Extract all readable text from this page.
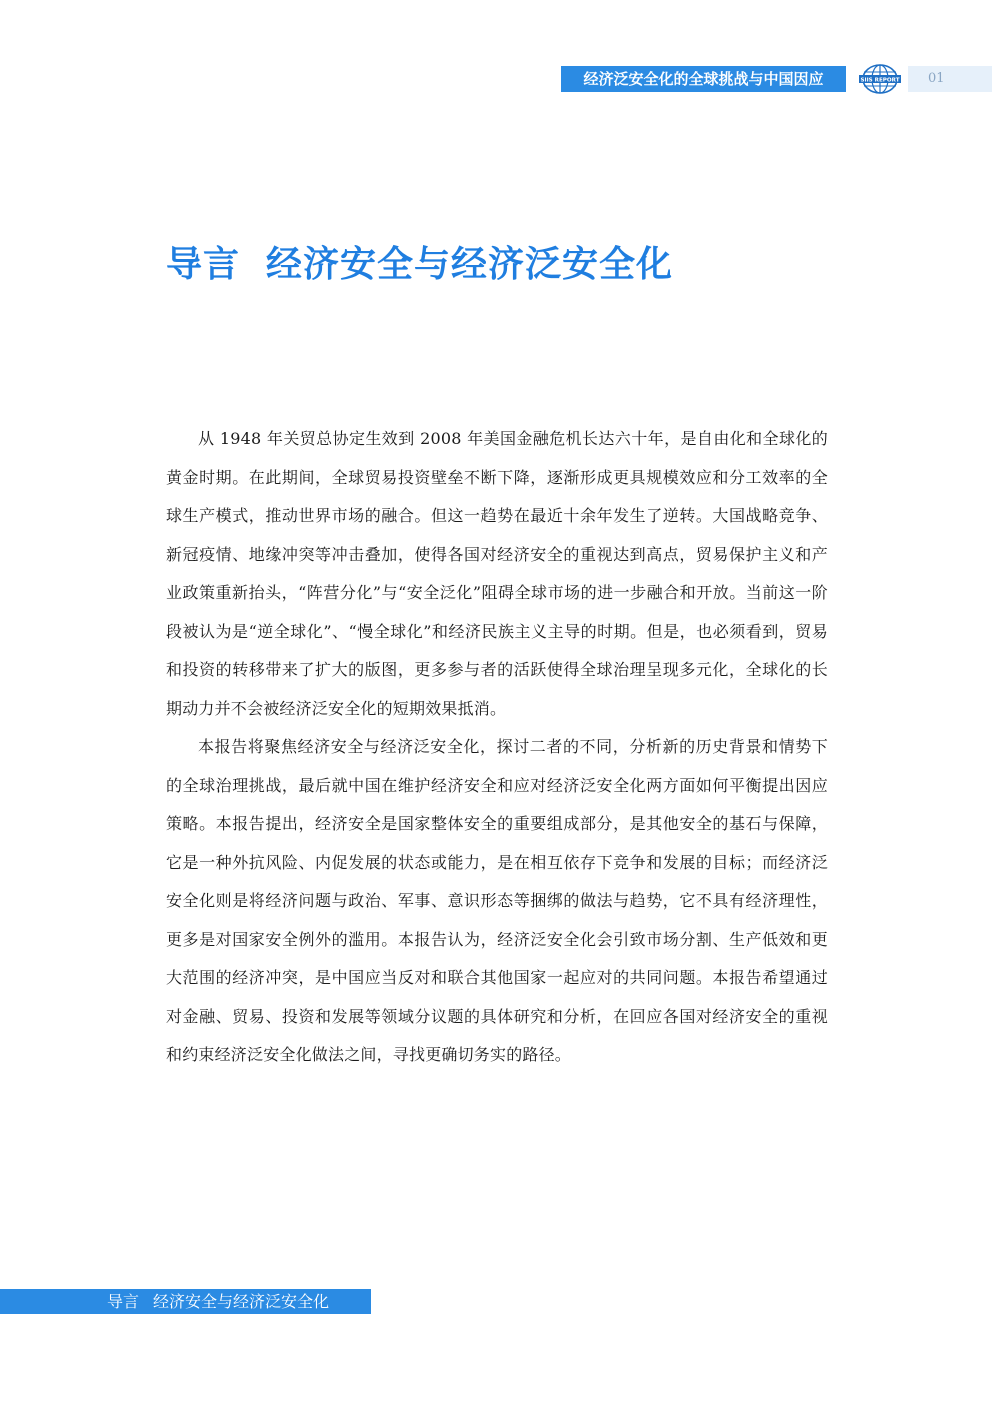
经济泛安全化的全球挑战与中国因应	SIIS REPORT	01
导言 经济安全与经济泛安全化

从 1948 年关贸总协定生效到 2008 年美国金融危机长达六十年，是自由化和全球化的黄金时期。在此期间，全球贸易投资壁垒不断下降，逐渐形成更具规模效应和分工效率的全球生产模式，推动世界市场的融合。但这一趋势在最近十余年发生了逆转。大国战略竞争、新冠疫情、地缘冲突等冲击叠加，使得各国对经济安全的重视达到高点，贸易保护主义和产业政策重新抬头，“阵营分化”与“安全泛化”阻碍全球市场的进一步融合和开放。当前这一阶段被认为是“逆全球化”、“慢全球化”和经济民族主义主导的时期。但是，也必须看到，贸易和投资的转移带来了扩大的版图，更多参与者的活跃使得全球治理呈现多元化，全球化的长期动力并不会被经济泛安全化的短期效果抵消。

本报告将聚焦经济安全与经济泛安全化，探讨二者的不同，分析新的历史背景和情势下的全球治理挑战，最后就中国在维护经济安全和应对经济泛安全化两方面如何平衡提出因应策略。本报告提出，经济安全是国家整体安全的重要组成部分，是其他安全的基石与保障，它是一种外抗风险、内促发展的状态或能力，是在相互依存下竞争和发展的目标；而经济泛安全化则是将经济问题与政治、军事、意识形态等捆绑的做法与趋势，它不具有经济理性，更多是对国家安全例外的滥用。本报告认为，经济泛安全化会引致市场分割、生产低效和更大范围的经济冲突，是中国应当反对和联合其他国家一起应对的共同问题。本报告希望通过对金融、贸易、投资和发展等领域分议题的具体研究和分析，在回应各国对经济安全的重视和约束经济泛安全化做法之间，寻找更确切务实的路径。

导言 经济安全与经济泛安全化
